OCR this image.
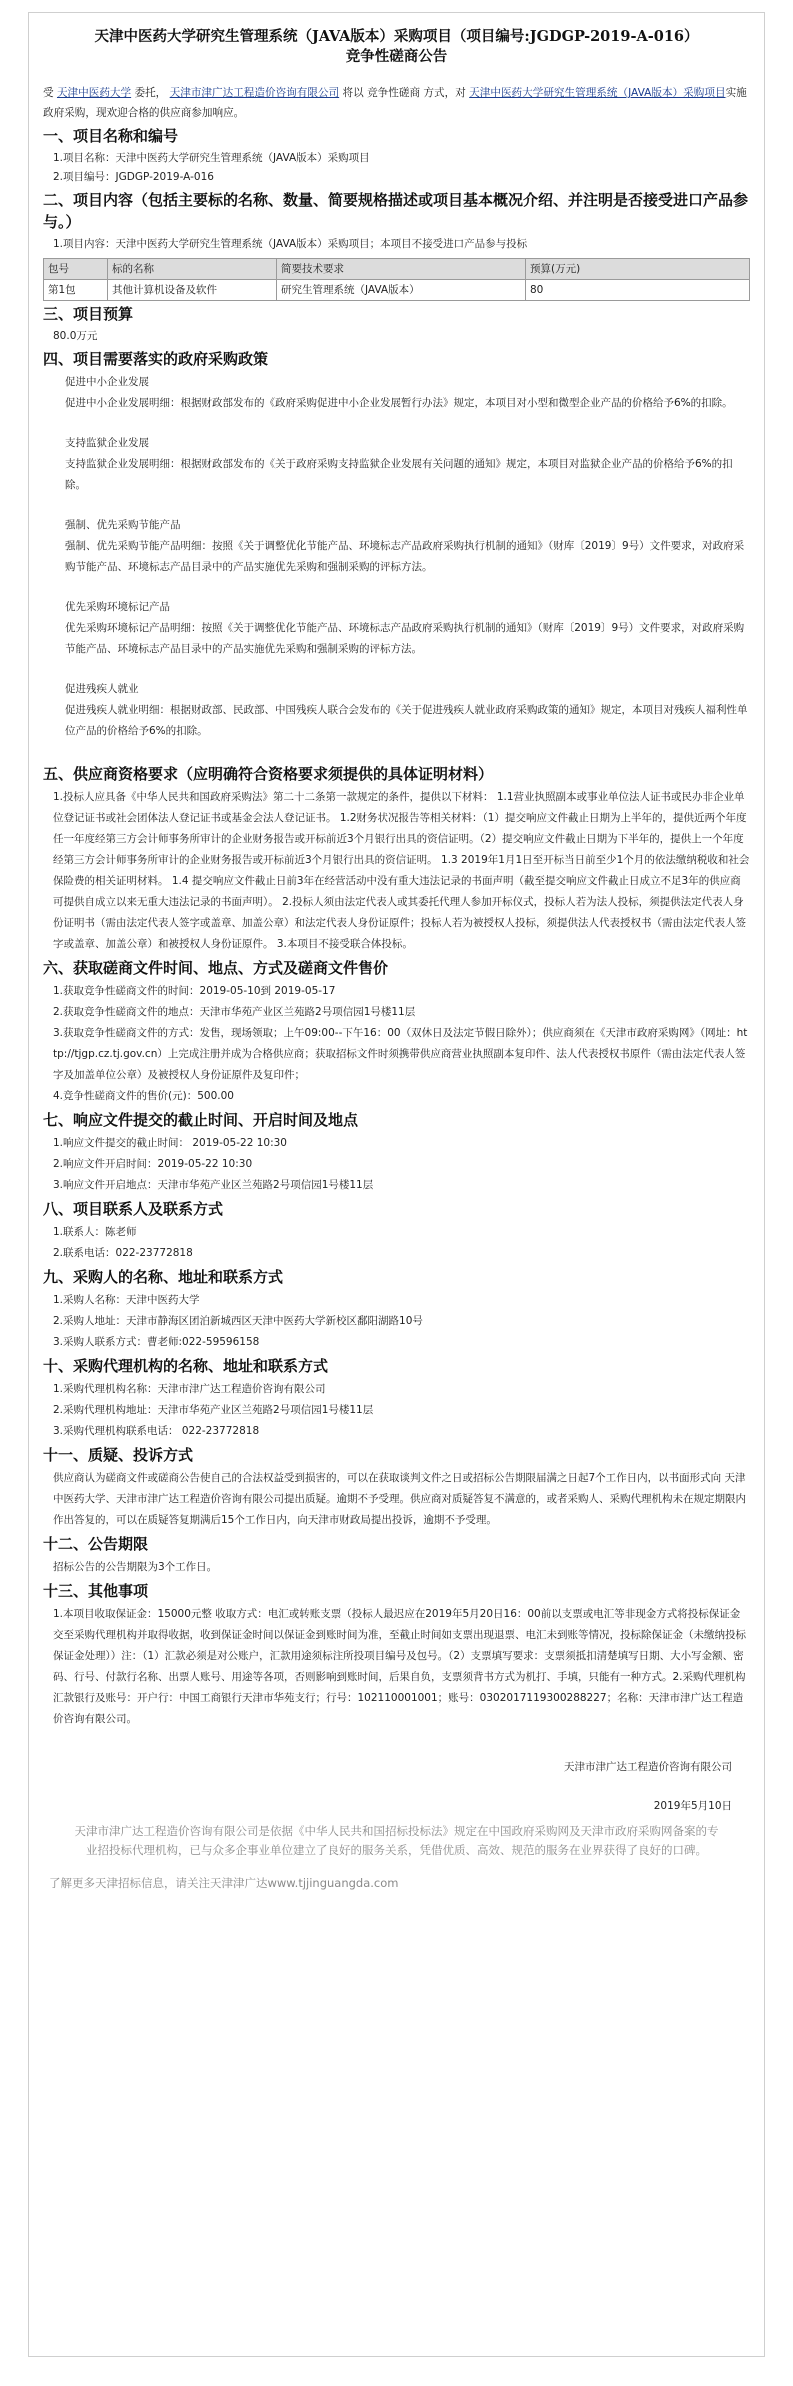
天津中医药大学研究生管理系统（JAVA版本）采购项目（项目编号:JGDGP-2019-A-016）
竞争性磋商公告
受 天津中医药大学 委托， 天津市津广达工程造价咨询有限公司 将以 竞争性磋商 方式，对 天津中医药大学研究生管理系统（JAVA版本）采购项目实施政府采购，现欢迎合格的供应商参加响应。
一、项目名称和编号
1.项目名称：天津中医药大学研究生管理系统（JAVA版本）采购项目
2.项目编号：JGDGP-2019-A-016
二、项目内容（包括主要标的名称、数量、简要规格描述或项目基本概况介绍、并注明是否接受进口产品参与。）
1.项目内容：天津中医药大学研究生管理系统（JAVA版本）采购项目；本项目不接受进口产品参与投标
包号	标的名称	简要技术要求	预算(万元)
第1包	其他计算机设备及软件	研究生管理系统（JAVA版本）	80
三、项目预算
80.0万元
四、项目需要落实的政府采购政策
促进中小企业发展
促进中小企业发展明细：根据财政部发布的《政府采购促进中小企业发展暂行办法》规定，本项目对小型和微型企业产品的价格给予6%的扣除。
支持监狱企业发展
支持监狱企业发展明细：根据财政部发布的《关于政府采购支持监狱企业发展有关问题的通知》规定，本项目对监狱企业产品的价格给予6%的扣除。
强制、优先采购节能产品
强制、优先采购节能产品明细：按照《关于调整优化节能产品、环境标志产品政府采购执行机制的通知》（财库〔2019〕9号）文件要求，对政府采购节能产品、环境标志产品目录中的产品实施优先采购和强制采购的评标方法。
优先采购环境标记产品
优先采购环境标记产品明细：按照《关于调整优化节能产品、环境标志产品政府采购执行机制的通知》（财库〔2019〕9号）文件要求，对政府采购节能产品、环境标志产品目录中的产品实施优先采购和强制采购的评标方法。
促进残疾人就业
促进残疾人就业明细：根据财政部、民政部、中国残疾人联合会发布的《关于促进残疾人就业政府采购政策的通知》规定，本项目对残疾人福利性单位产品的价格给予6%的扣除。
五、供应商资格要求（应明确符合资格要求须提供的具体证明材料）
1.投标人应具备《中华人民共和国政府采购法》第二十二条第一款规定的条件，提供以下材料： 1.1营业执照副本或事业单位法人证书或民办非企业单位登记证书或社会团体法人登记证书或基金会法人登记证书。 1.2财务状况报告等相关材料：（1）提交响应文件截止日期为上半年的，提供近两个年度任一年度经第三方会计师事务所审计的企业财务报告或开标前近3个月银行出具的资信证明。（2）提交响应文件截止日期为下半年的，提供上一个年度经第三方会计师事务所审计的企业财务报告或开标前近3个月银行出具的资信证明。 1.3 2019年1月1日至开标当日前至少1个月的依法缴纳税收和社会保险费的相关证明材料。 1.4 提交响应文件截止日前3年在经营活动中没有重大违法记录的书面声明（截至提交响应文件截止日成立不足3年的供应商可提供自成立以来无重大违法记录的书面声明）。 2.投标人须由法定代表人或其委托代理人参加开标仪式，投标人若为法人投标，须提供法定代表人身份证明书（需由法定代表人签字或盖章、加盖公章）和法定代表人身份证原件；投标人若为被授权人投标，须提供法人代表授权书（需由法定代表人签字或盖章、加盖公章）和被授权人身份证原件。 3.本项目不接受联合体投标。
六、获取磋商文件时间、地点、方式及磋商文件售价
1.获取竞争性磋商文件的时间：2019-05-10到 2019-05-17
2.获取竞争性磋商文件的地点：天津市华苑产业区兰苑路2号项信园1号楼11层
3.获取竞争性磋商文件的方式：发售，现场领取；上午09:00--下午16：00（双休日及法定节假日除外）；供应商须在《天津市政府采购网》（网址：http://tjgp.cz.tj.gov.cn）上完成注册并成为合格供应商；获取招标文件时须携带供应商营业执照副本复印件、法人代表授权书原件（需由法定代表人签字及加盖单位公章）及被授权人身份证原件及复印件；
4.竞争性磋商文件的售价(元)：500.00
七、响应文件提交的截止时间、开启时间及地点
1.响应文件提交的截止时间： 2019-05-22 10:30
2.响应文件开启时间：2019-05-22 10:30
3.响应文件开启地点：天津市华苑产业区兰苑路2号项信园1号楼11层
八、项目联系人及联系方式
1.联系人：陈老师
2.联系电话：022-23772818
九、采购人的名称、地址和联系方式
1.采购人名称：天津中医药大学
2.采购人地址：天津市静海区团泊新城西区天津中医药大学新校区鄱阳湖路10号
3.采购人联系方式：曹老师:022-59596158
十、采购代理机构的名称、地址和联系方式
1.采购代理机构名称：天津市津广达工程造价咨询有限公司
2.采购代理机构地址：天津市华苑产业区兰苑路2号项信园1号楼11层
3.采购代理机构联系电话： 022-23772818
十一、质疑、投诉方式
供应商认为磋商文件或磋商公告使自己的合法权益受到损害的，可以在获取谈判文件之日或招标公告期限届满之日起7个工作日内，以书面形式向 天津中医药大学、天津市津广达工程造价咨询有限公司提出质疑。逾期不予受理。供应商对质疑答复不满意的，或者采购人、采购代理机构未在规定期限内作出答复的，可以在质疑答复期满后15个工作日内，向天津市财政局提出投诉，逾期不予受理。
十二、公告期限
招标公告的公告期限为3个工作日。
十三、其他事项
1.本项目收取保证金：15000元整 收取方式：电汇或转账支票（投标人最迟应在2019年5月20日16：00前以支票或电汇等非现金方式将投标保证金交至采购代理机构并取得收据，收到保证金时间以保证金到账时间为准，至截止时间如支票出现退票、电汇未到账等情况，投标除保证金（未缴纳投标保证金处理））注：（1）汇款必须是对公账户，汇款用途须标注所投项目编号及包号。（2）支票填写要求：支票须抵扣清楚填写日期、大小写金额、密码、行号、付款行名称、出票人账号、用途等各项，否则影响到账时间，后果自负，支票须背书方式为机打、手填，只能有一种方式。2.采购代理机构汇款银行及账号：开户行：中国工商银行天津市华苑支行；行号：102110001001；账号：0302017119300288227；名称：天津市津广达工程造价咨询有限公司。
天津市津广达工程造价咨询有限公司
2019年5月10日
天津市津广达工程造价咨询有限公司是依据《中华人民共和国招标投标法》规定在中国政府采购网及天津市政府采购网备案的专业招投标代理机构，已与众多企事业单位建立了良好的服务关系，凭借优质、高效、规范的服务在业界获得了良好的口碑。
了解更多天津招标信息，请关注天津津广达www.tjjinguangda.com
